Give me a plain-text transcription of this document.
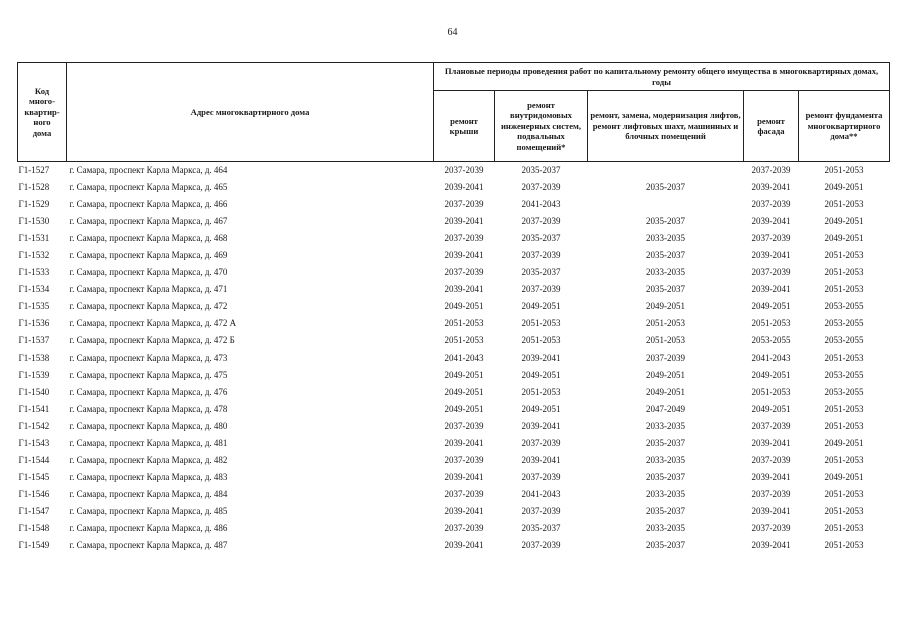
64
Код
много-
квартир-
ного
дома	Адрес многоквартирного дома	Плановые периоды проведения работ по капитальному ремонту общего имущества в многоквартирных домах, годы				
		ремонт крыши	ремонт внутридомовых инженерных систем, подвальных помещений*	ремонт, замена, модернизация лифтов, ремонт лифтовых шахт, машинных и блочных помещений	ремонт фасада	ремонт фундамента многоквартирного дома**
Г1-1527	г. Самара, проспект Карла Маркса, д. 464	2037-2039	2035-2037		2037-2039	2051-2053
Г1-1528	г. Самара, проспект Карла Маркса, д. 465	2039-2041	2037-2039	2035-2037	2039-2041	2049-2051
Г1-1529	г. Самара, проспект Карла Маркса, д. 466	2037-2039	2041-2043		2037-2039	2051-2053
Г1-1530	г. Самара, проспект Карла Маркса, д. 467	2039-2041	2037-2039	2035-2037	2039-2041	2049-2051
Г1-1531	г. Самара, проспект Карла Маркса, д. 468	2037-2039	2035-2037	2033-2035	2037-2039	2049-2051
Г1-1532	г. Самара, проспект Карла Маркса, д. 469	2039-2041	2037-2039	2035-2037	2039-2041	2051-2053
Г1-1533	г. Самара, проспект Карла Маркса, д. 470	2037-2039	2035-2037	2033-2035	2037-2039	2051-2053
Г1-1534	г. Самара, проспект Карла Маркса, д. 471	2039-2041	2037-2039	2035-2037	2039-2041	2051-2053
Г1-1535	г. Самара, проспект Карла Маркса, д. 472	2049-2051	2049-2051	2049-2051	2049-2051	2053-2055
Г1-1536	г. Самара, проспект Карла Маркса, д. 472 А	2051-2053	2051-2053	2051-2053	2051-2053	2053-2055
Г1-1537	г. Самара, проспект Карла Маркса, д. 472 Б	2051-2053	2051-2053	2051-2053	2053-2055	2053-2055
Г1-1538	г. Самара, проспект Карла Маркса, д. 473	2041-2043	2039-2041	2037-2039	2041-2043	2051-2053
Г1-1539	г. Самара, проспект Карла Маркса, д. 475	2049-2051	2049-2051	2049-2051	2049-2051	2053-2055
Г1-1540	г. Самара, проспект Карла Маркса, д. 476	2049-2051	2051-2053	2049-2051	2051-2053	2053-2055
Г1-1541	г. Самара, проспект Карла Маркса, д. 478	2049-2051	2049-2051	2047-2049	2049-2051	2051-2053
Г1-1542	г. Самара, проспект Карла Маркса, д. 480	2037-2039	2039-2041	2033-2035	2037-2039	2051-2053
Г1-1543	г. Самара, проспект Карла Маркса, д. 481	2039-2041	2037-2039	2035-2037	2039-2041	2049-2051
Г1-1544	г. Самара, проспект Карла Маркса, д. 482	2037-2039	2039-2041	2033-2035	2037-2039	2051-2053
Г1-1545	г. Самара, проспект Карла Маркса, д. 483	2039-2041	2037-2039	2035-2037	2039-2041	2049-2051
Г1-1546	г. Самара, проспект Карла Маркса, д. 484	2037-2039	2041-2043	2033-2035	2037-2039	2051-2053
Г1-1547	г. Самара, проспект Карла Маркса, д. 485	2039-2041	2037-2039	2035-2037	2039-2041	2051-2053
Г1-1548	г. Самара, проспект Карла Маркса, д. 486	2037-2039	2035-2037	2033-2035	2037-2039	2051-2053
Г1-1549	г. Самара, проспект Карла Маркса, д. 487	2039-2041	2037-2039	2035-2037	2039-2041	2051-2053
